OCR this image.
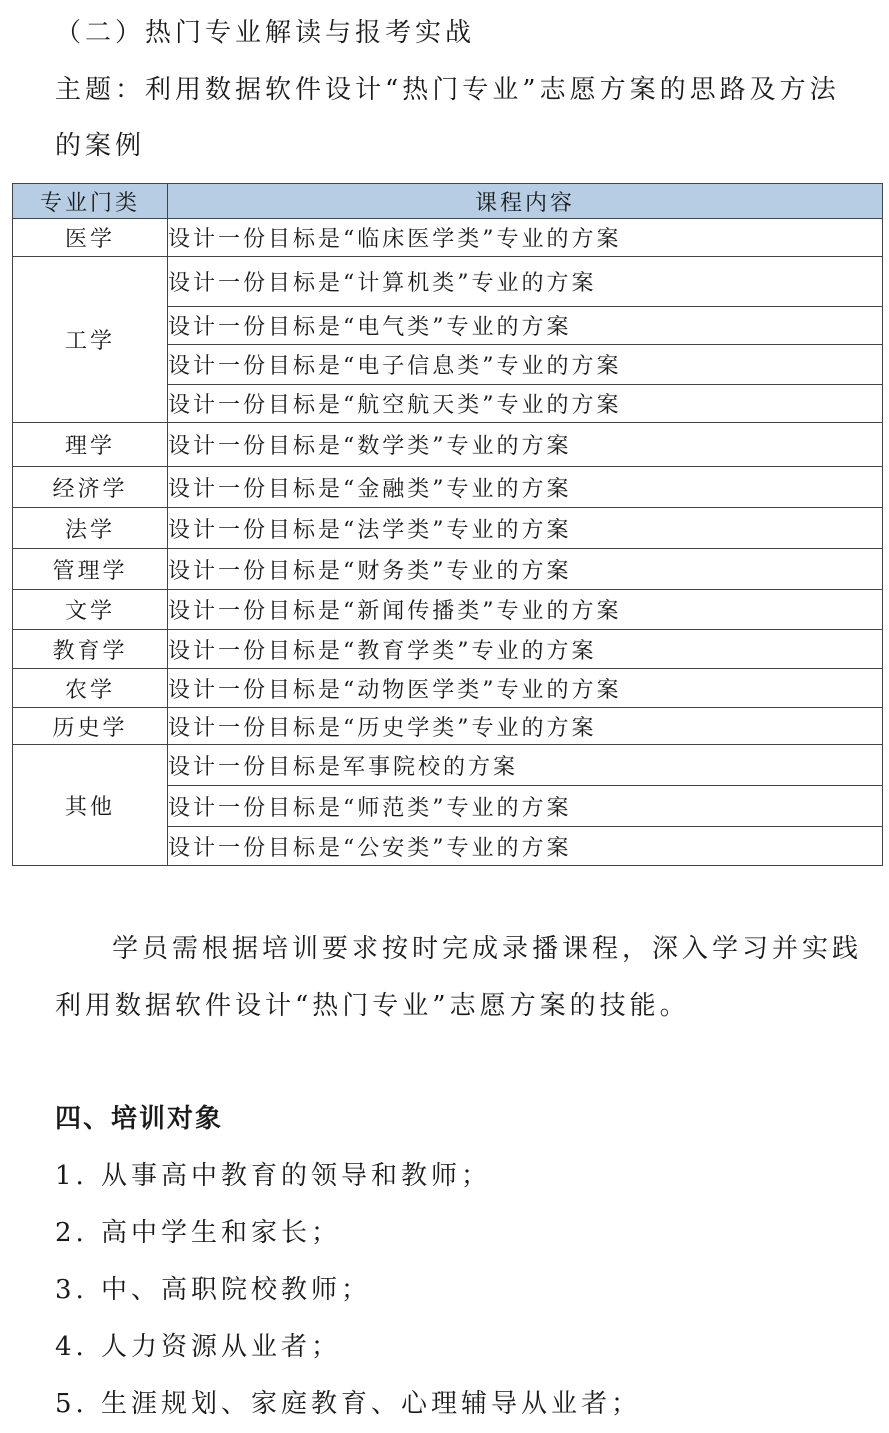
（二）热门专业解读与报考实战
主题：利用数据软件设计“热门专业”志愿方案的思路及方法
的案例
专业门类	课程内容
医学	设计一份目标是“临床医学类”专业的方案
工学	设计一份目标是“计算机类”专业的方案
	设计一份目标是“电气类”专业的方案
	设计一份目标是“电子信息类”专业的方案
	设计一份目标是“航空航天类”专业的方案
理学	设计一份目标是“数学类”专业的方案
经济学	设计一份目标是“金融类”专业的方案
法学	设计一份目标是“法学类”专业的方案
管理学	设计一份目标是“财务类”专业的方案
文学	设计一份目标是“新闻传播类”专业的方案
教育学	设计一份目标是“教育学类”专业的方案
农学	设计一份目标是“动物医学类”专业的方案
历史学	设计一份目标是“历史学类”专业的方案
其他	设计一份目标是军事院校的方案
	设计一份目标是“师范类”专业的方案
	设计一份目标是“公安类”专业的方案
学员需根据培训要求按时完成录播课程，深入学习并实践
利用数据软件设计“热门专业”志愿方案的技能。
四、培训对象
1. 从事高中教育的领导和教师；
2. 高中学生和家长；
3. 中、高职院校教师；
4. 人力资源从业者；
5. 生涯规划、家庭教育、心理辅导从业者；
